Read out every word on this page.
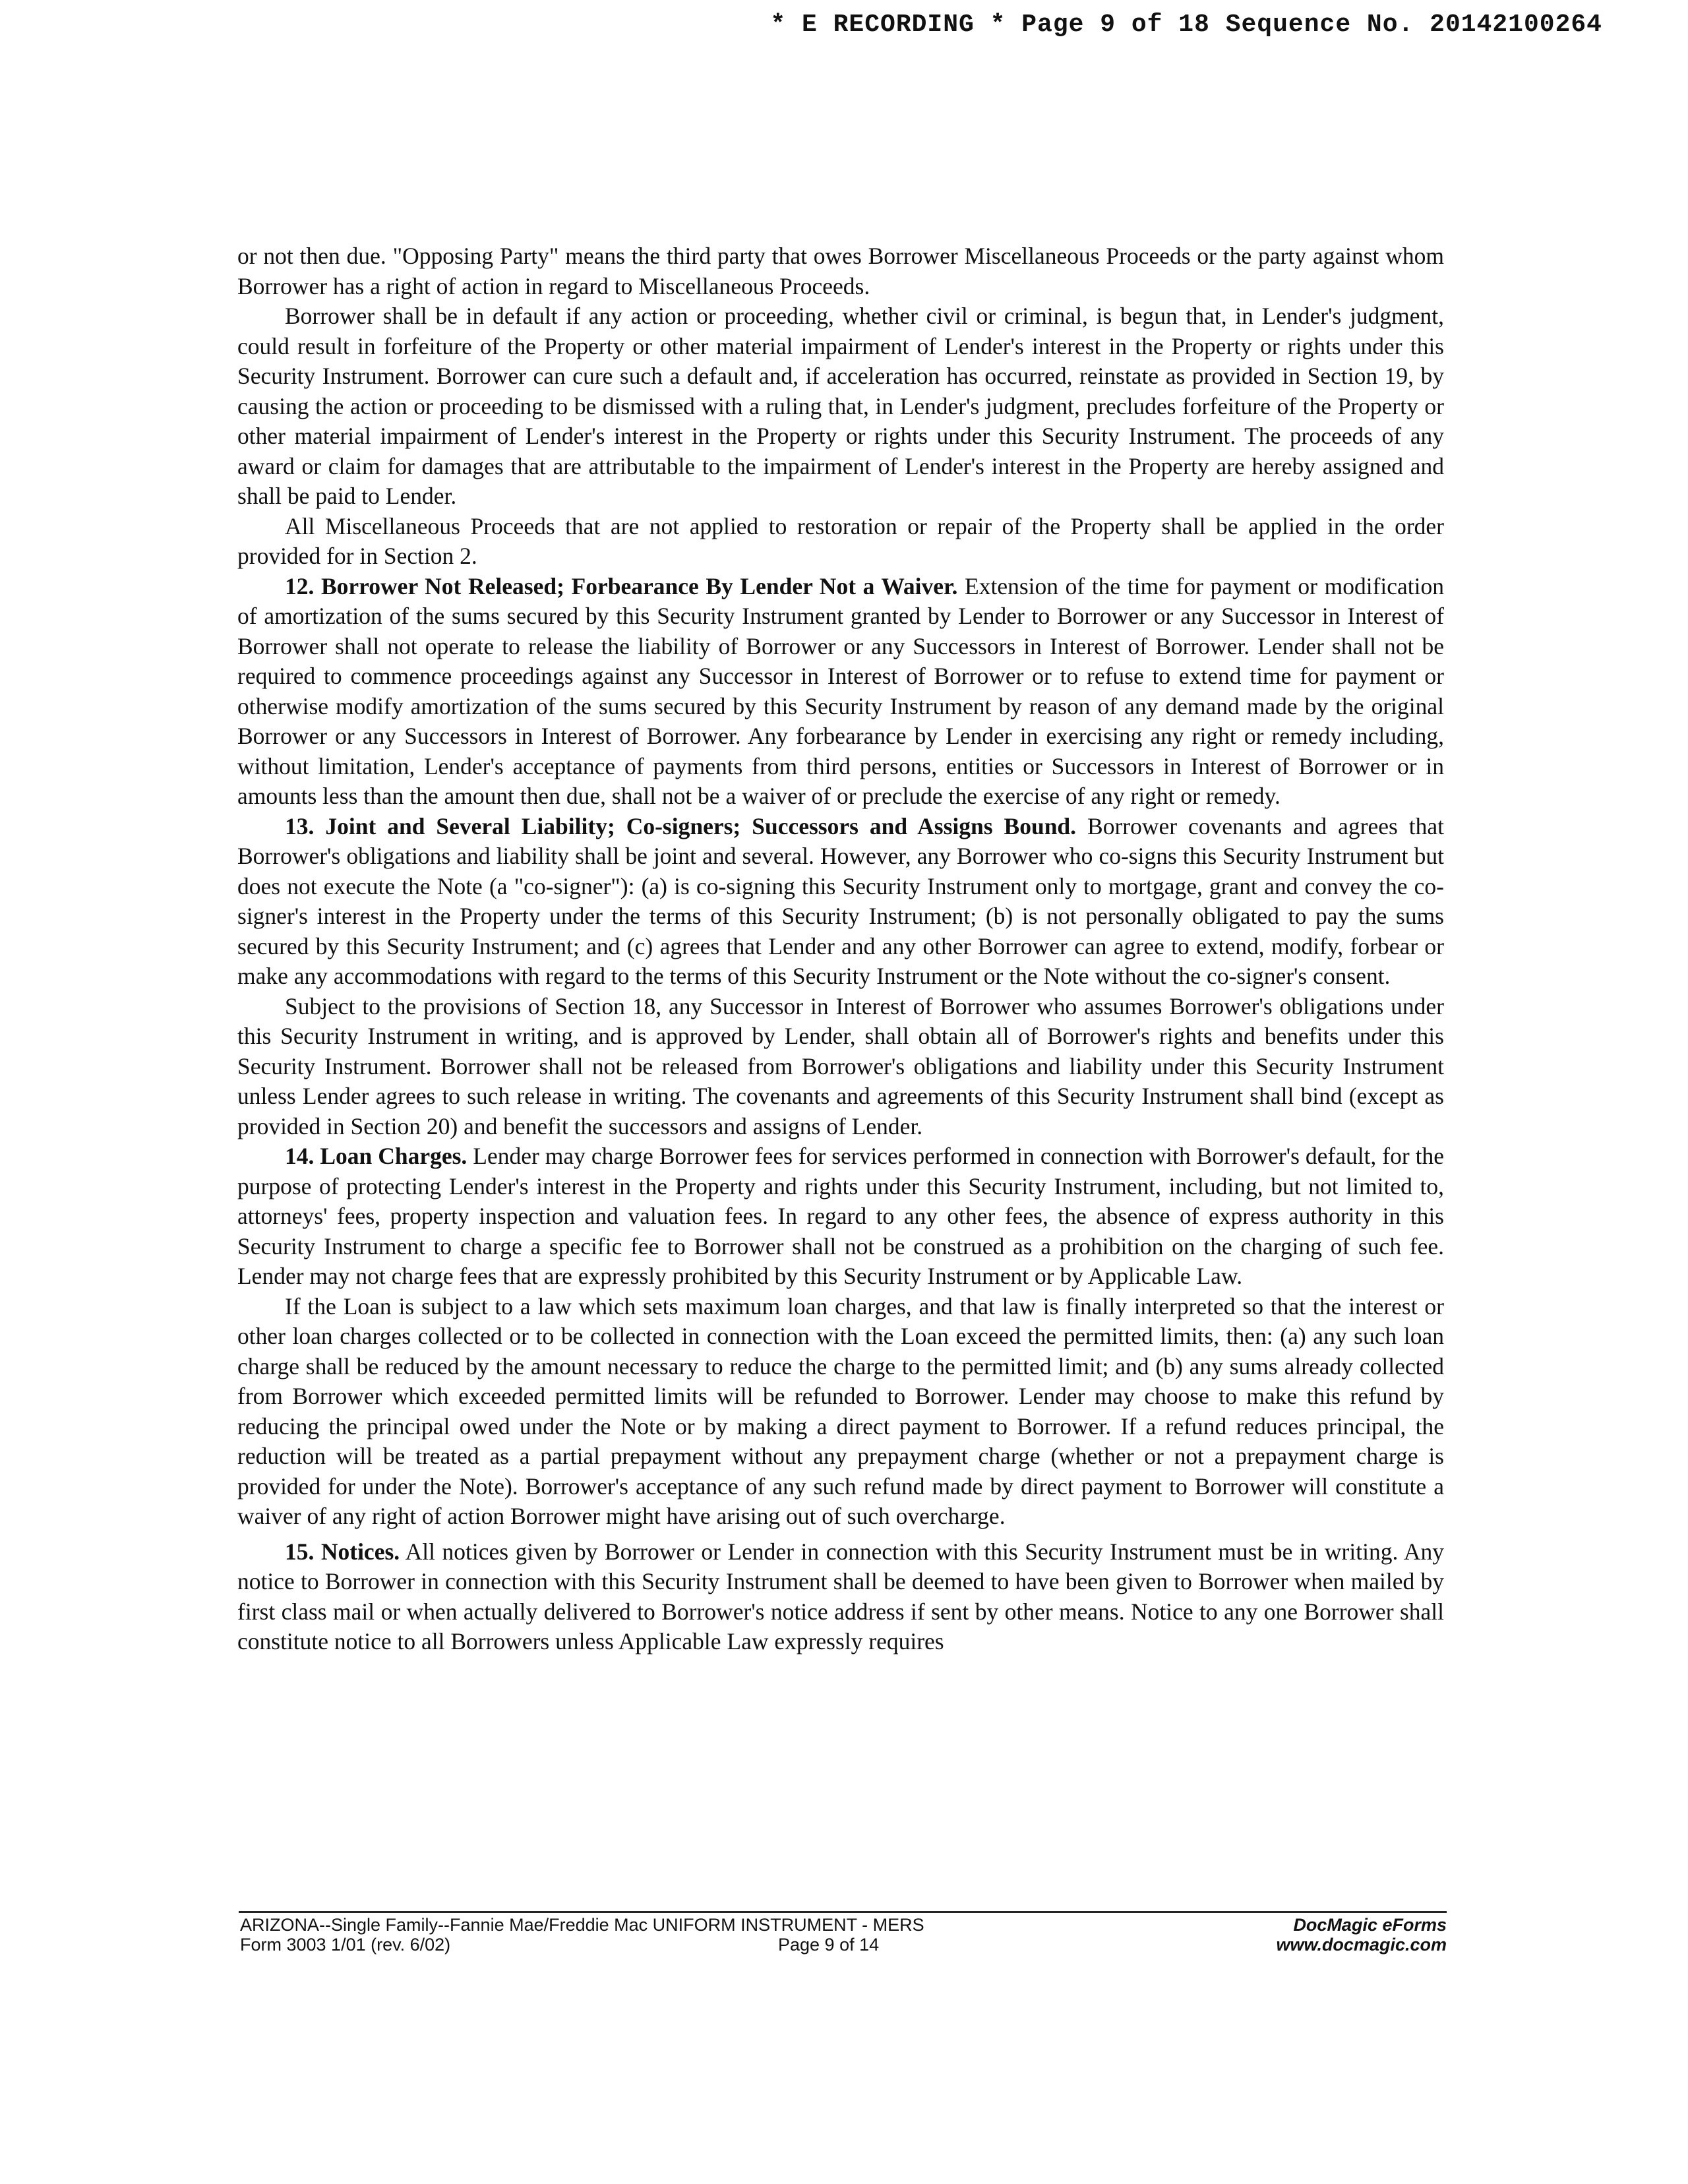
* E RECORDING * Page 9 of 18 Sequence No. 20142100264

or not then due. "Opposing Party" means the third party that owes Borrower Miscellaneous Proceeds or the party against whom Borrower has a right of action in regard to Miscellaneous Proceeds.

Borrower shall be in default if any action or proceeding, whether civil or criminal, is begun that, in Lender's judgment, could result in forfeiture of the Property or other material impairment of Lender's interest in the Property or rights under this Security Instrument. Borrower can cure such a default and, if acceleration has occurred, reinstate as provided in Section 19, by causing the action or proceeding to be dismissed with a ruling that, in Lender's judgment, precludes forfeiture of the Property or other material impairment of Lender's interest in the Property or rights under this Security Instrument. The proceeds of any award or claim for damages that are attributable to the impairment of Lender's interest in the Property are hereby assigned and shall be paid to Lender.

All Miscellaneous Proceeds that are not applied to restoration or repair of the Property shall be applied in the order provided for in Section 2.

12. Borrower Not Released; Forbearance By Lender Not a Waiver. Extension of the time for payment or modification of amortization of the sums secured by this Security Instrument granted by Lender to Borrower or any Successor in Interest of Borrower shall not operate to release the liability of Borrower or any Successors in Interest of Borrower. Lender shall not be required to commence proceedings against any Successor in Interest of Borrower or to refuse to extend time for payment or otherwise modify amortization of the sums secured by this Security Instrument by reason of any demand made by the original Borrower or any Successors in Interest of Borrower. Any forbearance by Lender in exercising any right or remedy including, without limitation, Lender's acceptance of payments from third persons, entities or Successors in Interest of Borrower or in amounts less than the amount then due, shall not be a waiver of or preclude the exercise of any right or remedy.

13. Joint and Several Liability; Co-signers; Successors and Assigns Bound. Borrower covenants and agrees that Borrower's obligations and liability shall be joint and several. However, any Borrower who co-signs this Security Instrument but does not execute the Note (a "co-signer"): (a) is co-signing this Security Instrument only to mortgage, grant and convey the co-signer's interest in the Property under the terms of this Security Instrument; (b) is not personally obligated to pay the sums secured by this Security Instrument; and (c) agrees that Lender and any other Borrower can agree to extend, modify, forbear or make any accommodations with regard to the terms of this Security Instrument or the Note without the co-signer's consent.

Subject to the provisions of Section 18, any Successor in Interest of Borrower who assumes Borrower's obligations under this Security Instrument in writing, and is approved by Lender, shall obtain all of Borrower's rights and benefits under this Security Instrument. Borrower shall not be released from Borrower's obligations and liability under this Security Instrument unless Lender agrees to such release in writing. The covenants and agreements of this Security Instrument shall bind (except as provided in Section 20) and benefit the successors and assigns of Lender.

14. Loan Charges. Lender may charge Borrower fees for services performed in connection with Borrower's default, for the purpose of protecting Lender's interest in the Property and rights under this Security Instrument, including, but not limited to, attorneys' fees, property inspection and valuation fees. In regard to any other fees, the absence of express authority in this Security Instrument to charge a specific fee to Borrower shall not be construed as a prohibition on the charging of such fee. Lender may not charge fees that are expressly prohibited by this Security Instrument or by Applicable Law.

If the Loan is subject to a law which sets maximum loan charges, and that law is finally interpreted so that the interest or other loan charges collected or to be collected in connection with the Loan exceed the permitted limits, then: (a) any such loan charge shall be reduced by the amount necessary to reduce the charge to the permitted limit; and (b) any sums already collected from Borrower which exceeded permitted limits will be refunded to Borrower. Lender may choose to make this refund by reducing the principal owed under the Note or by making a direct payment to Borrower. If a refund reduces principal, the reduction will be treated as a partial prepayment without any prepayment charge (whether or not a prepayment charge is provided for under the Note). Borrower's acceptance of any such refund made by direct payment to Borrower will constitute a waiver of any right of action Borrower might have arising out of such overcharge.

15. Notices. All notices given by Borrower or Lender in connection with this Security Instrument must be in writing. Any notice to Borrower in connection with this Security Instrument shall be deemed to have been given to Borrower when mailed by first class mail or when actually delivered to Borrower's notice address if sent by other means. Notice to any one Borrower shall constitute notice to all Borrowers unless Applicable Law expressly requires

ARIZONA--Single Family--Fannie Mae/Freddie Mac UNIFORM INSTRUMENT - MERS
Form 3003 1/01 (rev. 6/02)	Page 9 of 14
DocMagic eForms
www.docmagic.com
